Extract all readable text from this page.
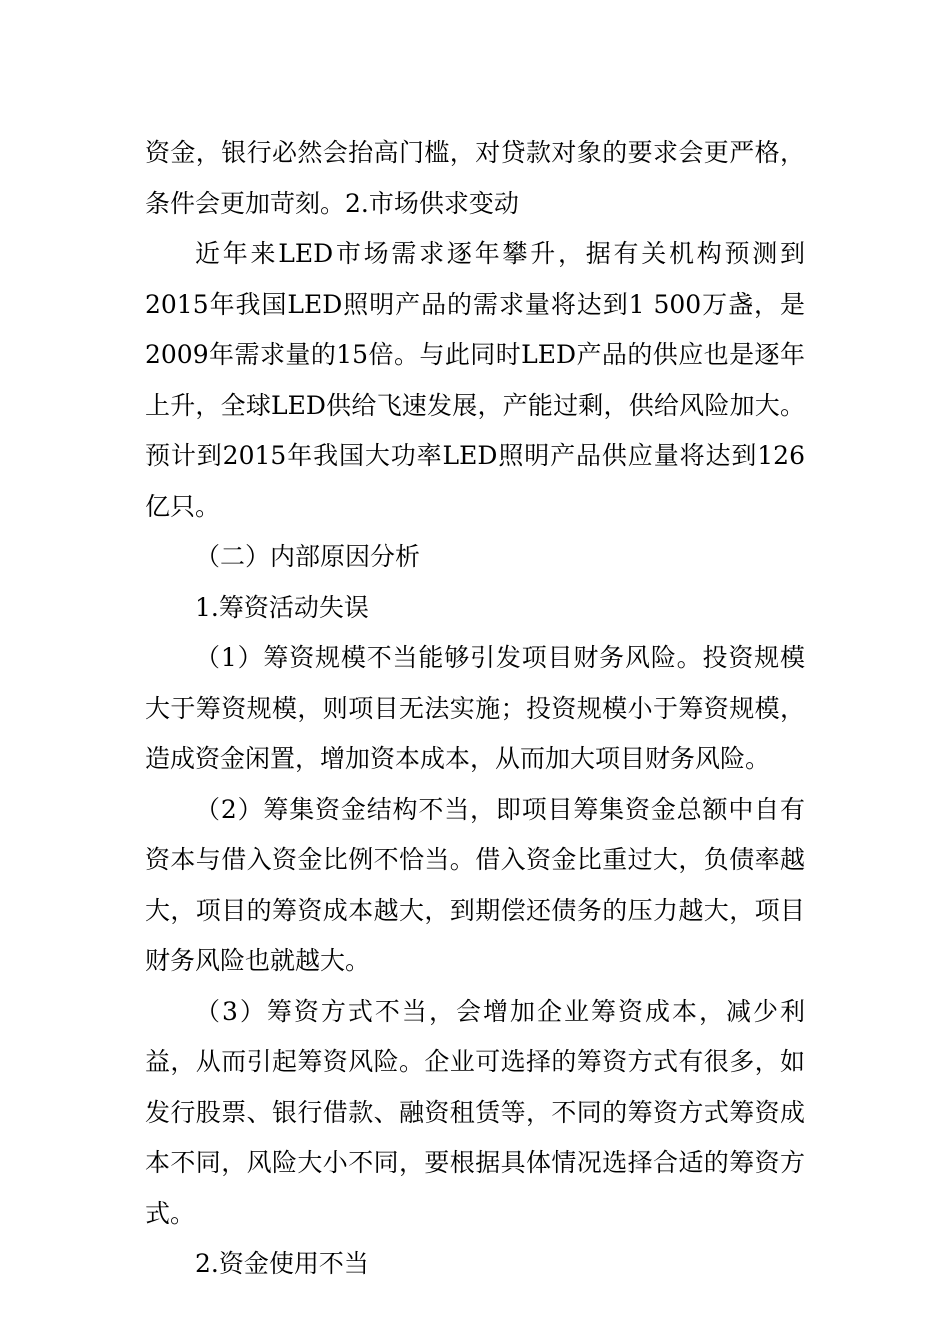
资金，银行必然会抬高门槛，对贷款对象的要求会更严格，条件会更加苛刻。2.市场供求变动

近年来LED市场需求逐年攀升，据有关机构预测到2015年我国LED照明产品的需求量将达到1 500万盏，是2009年需求量的15倍。与此同时LED产品的供应也是逐年上升，全球LED供给飞速发展，产能过剩，供给风险加大。预计到2015年我国大功率LED照明产品供应量将达到126亿只。

（二）内部原因分析

1.筹资活动失误

（1）筹资规模不当能够引发项目财务风险。投资规模大于筹资规模，则项目无法实施；投资规模小于筹资规模，造成资金闲置，增加资本成本，从而加大项目财务风险。

（2）筹集资金结构不当，即项目筹集资金总额中自有资本与借入资金比例不恰当。借入资金比重过大，负债率越大，项目的筹资成本越大，到期偿还债务的压力越大，项目财务风险也就越大。

（3）筹资方式不当，会增加企业筹资成本，减少利益，从而引起筹资风险。企业可选择的筹资方式有很多，如发行股票、银行借款、融资租赁等，不同的筹资方式筹资成本不同，风险大小不同，要根据具体情况选择合适的筹资方式。

2.资金使用不当
